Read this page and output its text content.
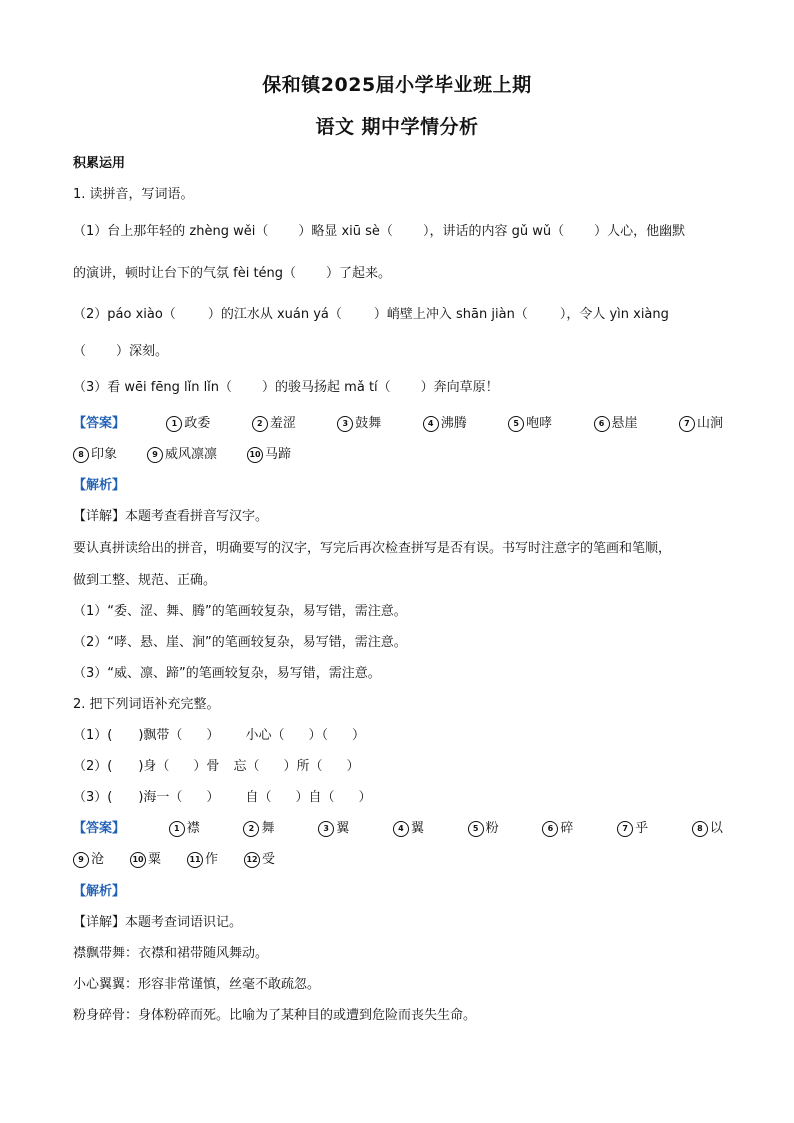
保和镇2025届小学毕业班上期
语文 期中学情分析
积累运用
1. 读拼音，写词语。
（1）台上那年轻的 zhèng wěi（ ）略显 xiū sè（ ），讲话的内容 gǔ wǔ（ ）人心，他幽默
的演讲，顿时让台下的气氛 fèi téng（ ）了起来。
（2）páo xiào（ ）的江水从 xuán yá（ ）峭壁上冲入 shān jiàn（ ），令人 yìn xiàng
（ ）深刻。
（3）看 wēi fēng lǐn lǐn（ ）的骏马扬起 mǎ tí（ ）奔向草原！
【答案】	1 政委	2 羞涩	3 鼓舞	4 沸腾	5 咆哮	6 悬崖	7 山涧
8 印象	9 威风凛凛	10 马蹄
【解析】
【详解】本题考查看拼音写汉字。
要认真拼读给出的拼音，明确要写的汉字，写完后再次检查拼写是否有误。书写时注意字的笔画和笔顺，
做到工整、规范、正确。
（1）“委、涩、舞、腾”的笔画较复杂，易写错，需注意。
（2）“哮、悬、崖、涧”的笔画较复杂，易写错，需注意。
（3）“威、凛、蹄”的笔画较复杂，易写错，需注意。
2. 把下列词语补充完整。
（1）( )飘带（ ） 小心（ ）（ ）
（2）( )身（ ）骨 忘（ ）所（ ）
（3）( )海一（ ） 自（ ）自（ ）
【答案】	1 襟	2 舞	3 翼	4 翼	5 粉	6 碎	7 乎	8 以
9 沧	10 粟	11 作	12 受
【解析】
【详解】本题考查词语识记。
襟飘带舞：衣襟和裙带随风舞动。
小心翼翼：形容非常谨慎，丝毫不敢疏忽。
粉身碎骨：身体粉碎而死。比喻为了某种目的或遭到危险而丧失生命。
